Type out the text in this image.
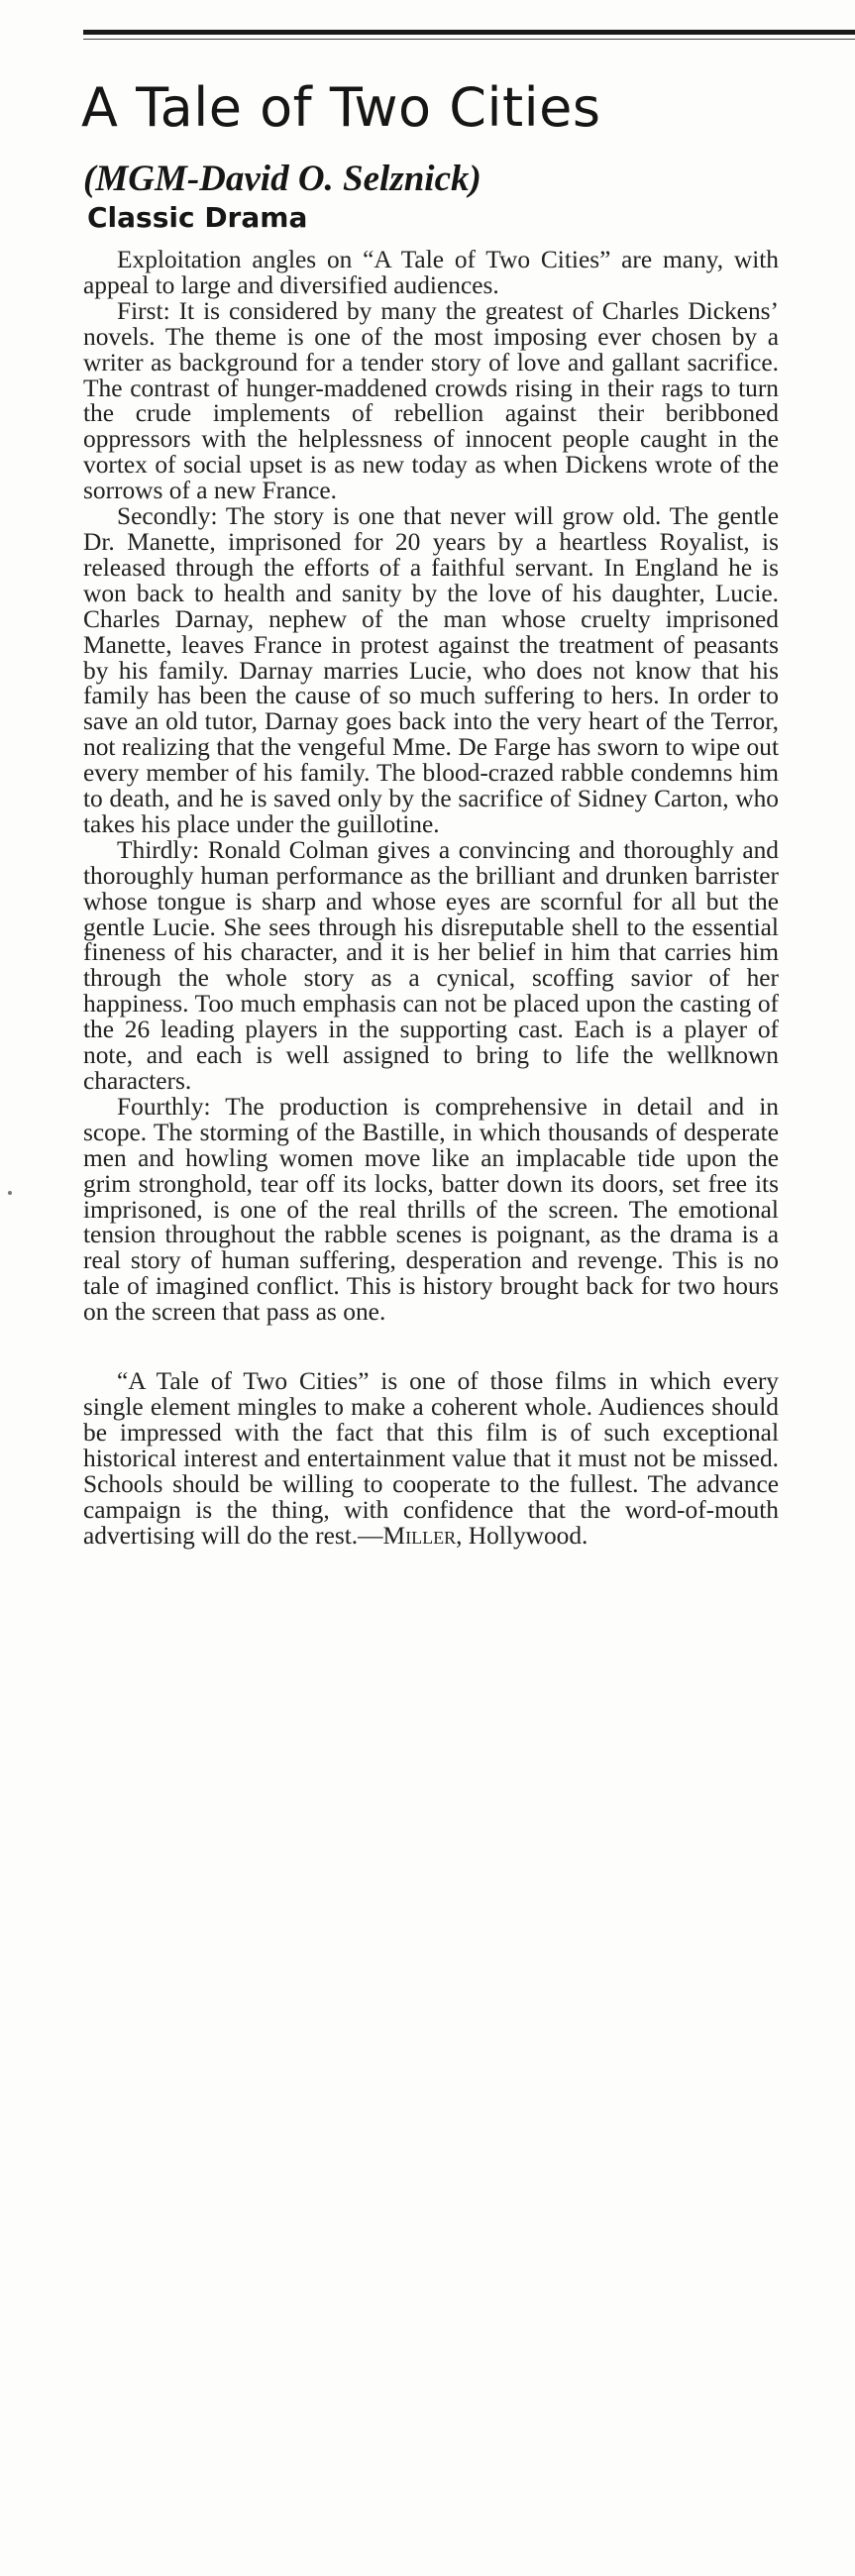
A Tale of Two Cities
(MGM-David O. Selznick)
Classic Drama

Exploitation angles on “A Tale of Two Cities” are many, with appeal to large and diversified audiences.

First: It is considered by many the greatest of Charles Dickens’ novels. The theme is one of the most imposing ever chosen by a writer as background for a tender story of love and gallant sacrifice. The contrast of hunger-maddened crowds rising in their rags to turn the crude implements of rebellion against their beribboned oppressors with the helplessness of innocent people caught in the vortex of social upset is as new today as when Dickens wrote of the sorrows of a new France.

Secondly: The story is one that never will grow old. The gentle Dr. Manette, imprisoned for 20 years by a heartless Royalist, is released through the efforts of a faithful servant. In England he is won back to health and sanity by the love of his daughter, Lucie. Charles Darnay, nephew of the man whose cruelty imprisoned Manette, leaves France in protest against the treatment of peasants by his family. Darnay marries Lucie, who does not know that his family has been the cause of so much suffering to hers. In order to save an old tutor, Darnay goes back into the very heart of the Terror, not realizing that the vengeful Mme. De Farge has sworn to wipe out every member of his family. The blood-crazed rabble condemns him to death, and he is saved only by the sacrifice of Sidney Carton, who takes his place under the guillotine.

Thirdly: Ronald Colman gives a convincing and thoroughly and thoroughly human performance as the brilliant and drunken barrister whose tongue is sharp and whose eyes are scornful for all but the gentle Lucie. She sees through his disreputable shell to the essential fineness of his character, and it is her belief in him that carries him through the whole story as a cynical, scoffing savior of her happiness. Too much emphasis can not be placed upon the casting of the 26 leading players in the supporting cast. Each is a player of note, and each is well assigned to bring to life the wellknown characters.

Fourthly: The production is comprehensive in detail and in scope. The storming of the Bastille, in which thousands of desperate men and howling women move like an implacable tide upon the grim stronghold, tear off its locks, batter down its doors, set free its imprisoned, is one of the real thrills of the screen. The emotional tension throughout the rabble scenes is poignant, as the drama is a real story of human suffering, desperation and revenge. This is no tale of imagined conflict. This is history brought back for two hours on the screen that pass as one.

“A Tale of Two Cities” is one of those films in which every single element mingles to make a coherent whole. Audiences should be impressed with the fact that this film is of such exceptional historical interest and entertainment value that it must not be missed. Schools should be willing to cooperate to the fullest. The advance campaign is the thing, with confidence that the word-of-mouth advertising will do the rest.—Miller, Hollywood.
